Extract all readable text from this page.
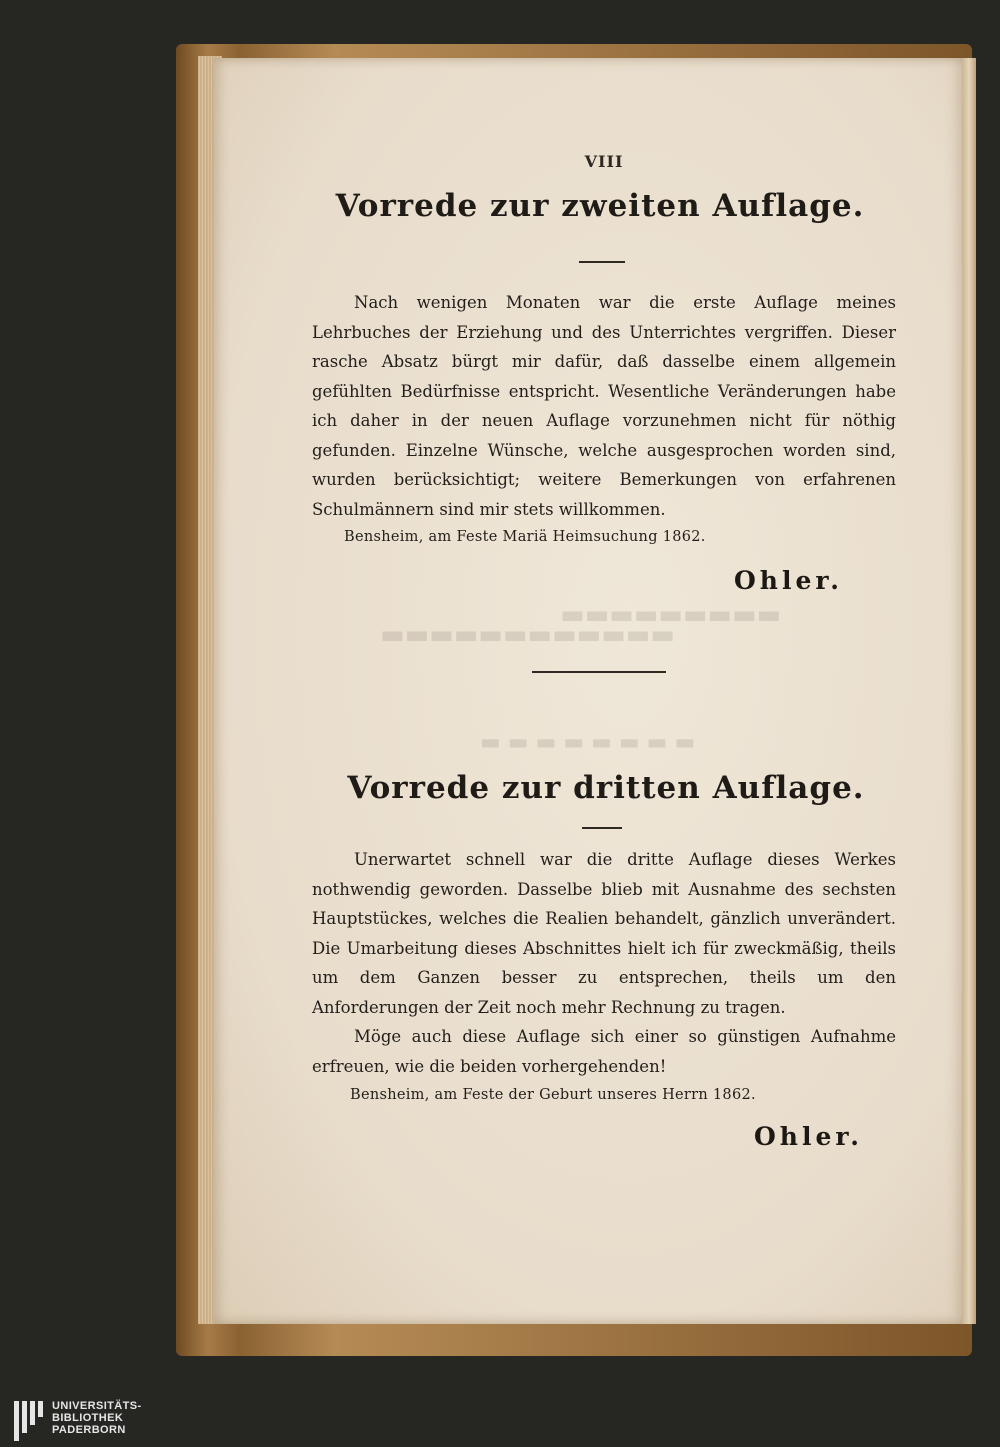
▬▬▬▬▬▬▬▬▬
▬▬▬▬▬▬▬▬▬▬▬▬
▬ ▬ ▬ ▬ ▬ ▬ ▬ ▬
VIII
Vorrede zur zweiten Auflage.

Nach wenigen Monaten war die erste Auflage meines Lehrbuches der Erziehung und des Unterrichtes vergriffen. Dieser rasche Absatz bürgt mir dafür, daß dasselbe einem allgemein gefühlten Bedürfnisse entspricht. Wesentliche Veränderungen habe ich daher in der neuen Auflage vorzunehmen nicht für nöthig gefunden. Einzelne Wünsche, welche ausgesprochen worden sind, wurden berücksichtigt; weitere Bemerkungen von erfahrenen Schulmännern sind mir stets willkommen.

Bensheim, am Feste Mariä Heimsuchung 1862.
Ohler.
Vorrede zur dritten Auflage.

Unerwartet schnell war die dritte Auflage dieses Werkes nothwendig geworden. Dasselbe blieb mit Ausnahme des sechsten Hauptstückes, welches die Realien behandelt, gänzlich unverändert. Die Umarbeitung dieses Abschnittes hielt ich für zweckmäßig, theils um dem Ganzen besser zu entsprechen, theils um den Anforderungen der Zeit noch mehr Rechnung zu tragen.

Möge auch diese Auflage sich einer so günstigen Aufnahme erfreuen, wie die beiden vorhergehenden!

Bensheim, am Feste der Geburt unseres Herrn 1862.
Ohler.
UNIVERSITÄTS-
BIBLIOTHEK
PADERBORN
